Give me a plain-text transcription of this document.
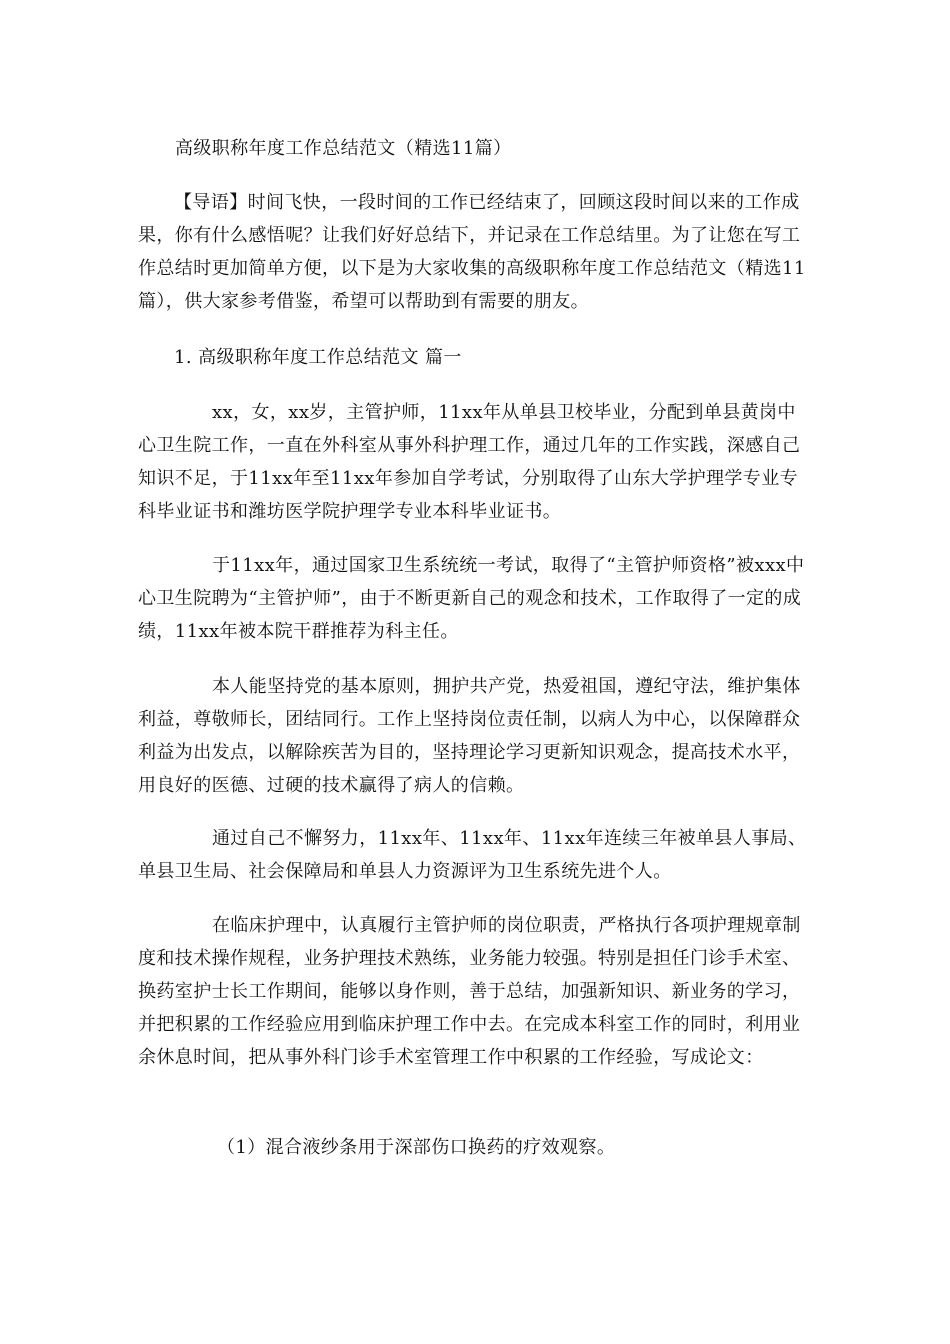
高级职称年度工作总结范文（精选11篇）
【导语】时间飞快，一段时间的工作已经结束了，回顾这段时间以来的工作成果，你有什么感悟呢？让我们好好总结下，并记录在工作总结里。为了让您在写工作总结时更加简单方便，以下是为大家收集的高级职称年度工作总结范文（精选11篇），供大家参考借鉴，希望可以帮助到有需要的朋友。
1. 高级职称年度工作总结范文 篇一
xx，女，xx岁，主管护师，11xx年从单县卫校毕业，分配到单县黄岗中心卫生院工作，一直在外科室从事外科护理工作，通过几年的工作实践，深感自己知识不足，于11xx年至11xx年参加自学考试，分别取得了山东大学护理学专业专科毕业证书和潍坊医学院护理学专业本科毕业证书。
于11xx年，通过国家卫生系统统一考试，取得了“主管护师资格”被xxx中心卫生院聘为“主管护师”，由于不断更新自己的观念和技术，工作取得了一定的成绩，11xx年被本院干群推荐为科主任。
本人能坚持党的基本原则，拥护共产党，热爱祖国，遵纪守法，维护集体利益，尊敬师长，团结同行。工作上坚持岗位责任制，以病人为中心，以保障群众利益为出发点，以解除疾苦为目的，坚持理论学习更新知识观念，提高技术水平，用良好的医德、过硬的技术赢得了病人的信赖。
通过自己不懈努力，11xx年、11xx年、11xx年连续三年被单县人事局、单县卫生局、社会保障局和单县人力资源评为卫生系统先进个人。
在临床护理中，认真履行主管护师的岗位职责，严格执行各项护理规章制度和技术操作规程，业务护理技术熟练，业务能力较强。特别是担任门诊手术室、换药室护士长工作期间，能够以身作则，善于总结，加强新知识、新业务的学习，并把积累的工作经验应用到临床护理工作中去。在完成本科室工作的同时，利用业余休息时间，把从事外科门诊手术室管理工作中积累的工作经验，写成论文：
（1）混合液纱条用于深部伤口换药的疗效观察。
